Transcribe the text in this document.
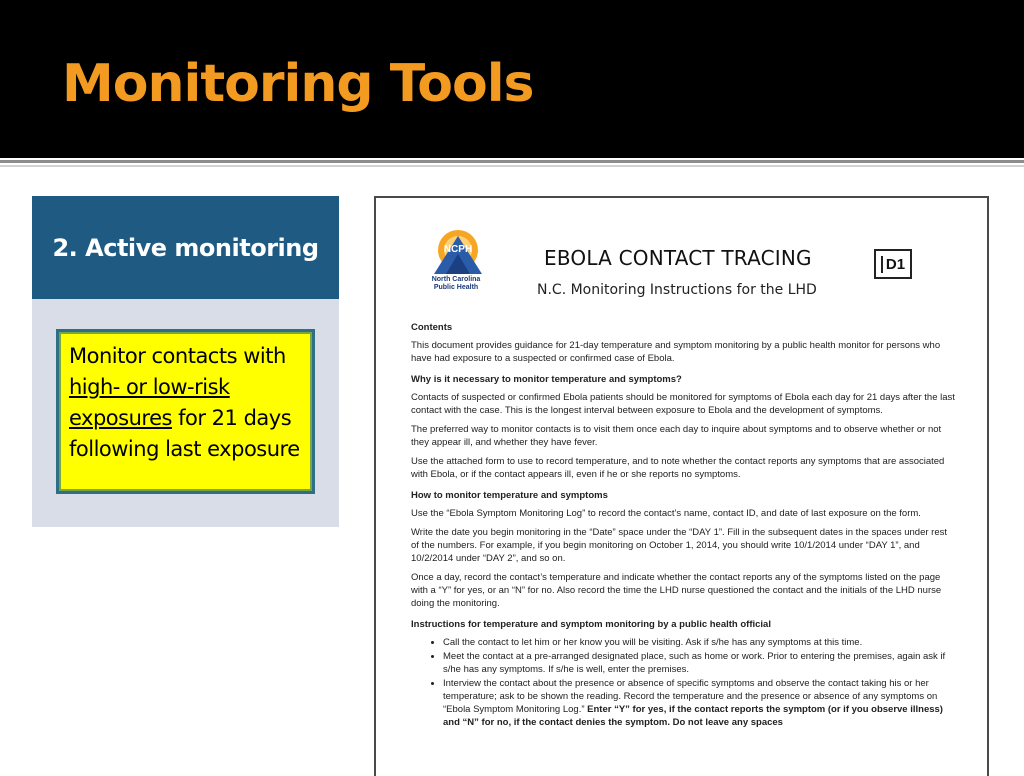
Monitoring Tools
2. Active monitoring
Monitor contacts with high- or low-risk exposures for 21 days following last exposure
NCPH
North Carolina
Public Health
EBOLA CONTACT TRACING
N.C. Monitoring Instructions for the LHD
D1
Contents
This document provides guidance for 21-day temperature and symptom monitoring by a public health monitor for persons who have had exposure to a suspected or confirmed case of Ebola.
Why is it necessary to monitor temperature and symptoms?
Contacts of suspected or confirmed Ebola patients should be monitored for symptoms of Ebola each day for 21 days after the last contact with the case. This is the longest interval between exposure to Ebola and the development of symptoms.
The preferred way to monitor contacts is to visit them once each day to inquire about symptoms and to observe whether or not they appear ill, and whether they have fever.
Use the attached form to use to record temperature, and to note whether the contact reports any symptoms that are associated with Ebola, or if the contact appears ill, even if he or she reports no symptoms.
How to monitor temperature and symptoms
Use the “Ebola Symptom Monitoring Log” to record the contact’s name, contact ID, and date of last exposure on the form.
Write the date you begin monitoring in the “Date” space under the “DAY 1”. Fill in the subsequent dates in the spaces under rest of the numbers. For example, if you begin monitoring on October 1, 2014, you should write 10/1/2014 under “DAY 1”, and 10/2/2014 under “DAY 2”, and so on.
Once a day, record the contact’s temperature and indicate whether the contact reports any of the symptoms listed on the page with a “Y” for yes, or an “N” for no. Also record the time the LHD nurse questioned the contact and the initials of the LHD nurse doing the monitoring.
Instructions for temperature and symptom monitoring by a public health official
• Call the contact to let him or her know you will be visiting. Ask if s/he has any symptoms at this time.
• Meet the contact at a pre-arranged designated place, such as home or work. Prior to entering the premises, again ask if s/he has any symptoms. If s/he is well, enter the premises.
• Interview the contact about the presence or absence of specific symptoms and observe the contact taking his or her temperature; ask to be shown the reading. Record the temperature and the presence or absence of any symptoms on “Ebola Symptom Monitoring Log.” Enter “Y” for yes, if the contact reports the symptom (or if you observe illness) and “N” for no, if the contact denies the symptom. Do not leave any spaces
